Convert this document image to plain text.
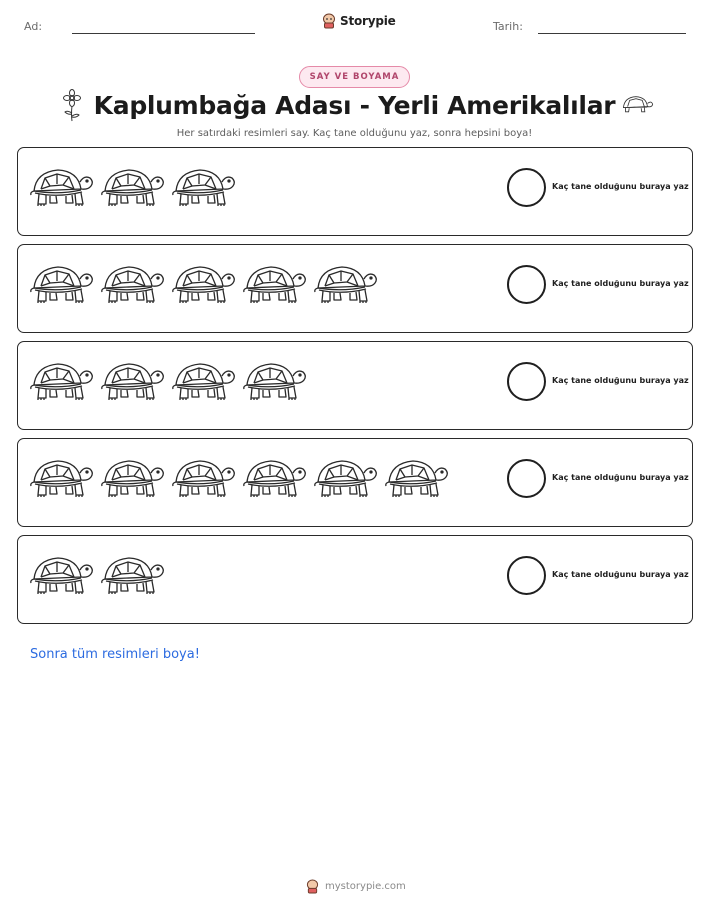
Ad:	Storypie	Tarih:
SAY VE BOYAMA
Kaplumbağa Adası - Yerli Amerikalılar
Her satırdaki resimleri say. Kaç tane olduğunu yaz, sonra hepsini boya!
Kaç tane olduğunu buraya yaz
Kaç tane olduğunu buraya yaz
Kaç tane olduğunu buraya yaz
Kaç tane olduğunu buraya yaz
Kaç tane olduğunu buraya yaz
Sonra tüm resimleri boya!
mystorypie.com
